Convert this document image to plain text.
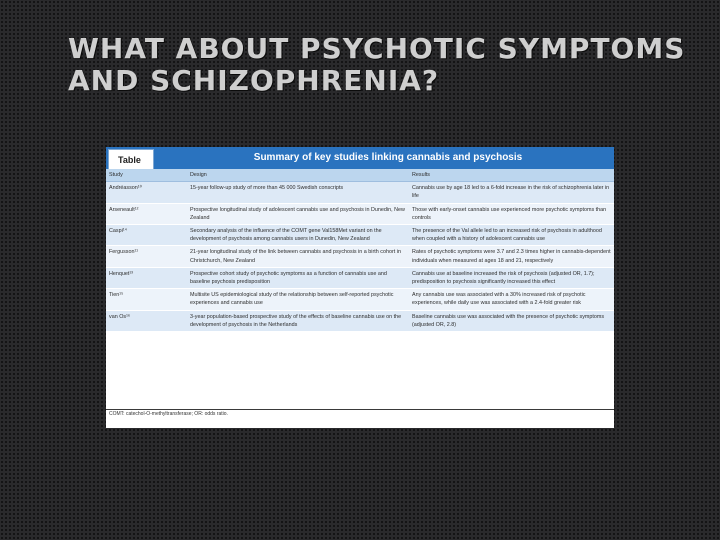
WHAT ABOUT PSYCHOTIC SYMPTOMS AND SCHIZOPHRENIA?
Table	Summary of key studies linking cannabis and psychosis
Study	Design	Results
Andréasson¹⁰	15-year follow-up study of more than 45 000 Swedish conscripts	Cannabis use by age 18 led to a 6-fold increase in the risk of schizophrenia later in life
Arseneault¹²	Prospective longitudinal study of adolescent cannabis use and psychosis in Dunedin, New Zealand	Those with early-onset cannabis use experienced more psychotic symptoms than controls
Caspi¹⁴	Secondary analysis of the influence of the COMT gene Val158Met variant on the development of psychosis among cannabis users in Dunedin, New Zealand	The presence of the Val allele led to an increased risk of psychosis in adulthood when coupled with a history of adolescent cannabis use
Fergusson¹¹	21-year longitudinal study of the link between cannabis and psychosis in a birth cohort in Christchurch, New Zealand	Rates of psychotic symptoms were 3.7 and 2.3 times higher in cannabis-dependent individuals when measured at ages 18 and 21, respectively
Henquet¹³	Prospective cohort study of psychotic symptoms as a function of cannabis use and baseline psychosis predisposition	Cannabis use at baseline increased the risk of psychosis (adjusted OR, 1.7); predisposition to psychosis significantly increased this effect
Tien¹⁵	Multisite US epidemiological study of the relationship between self-reported psychotic experiences and cannabis use	Any cannabis use was associated with a 30% increased risk of psychotic experiences, while daily use was associated with a 2.4-fold greater risk
van Os¹⁶	3-year population-based prospective study of the effects of baseline cannabis use on the development of psychosis in the Netherlands	Baseline cannabis use was associated with the presence of psychotic symptoms (adjusted OR, 2.8)
COMT: catechol-O-methyltransferase; OR: odds ratio.
